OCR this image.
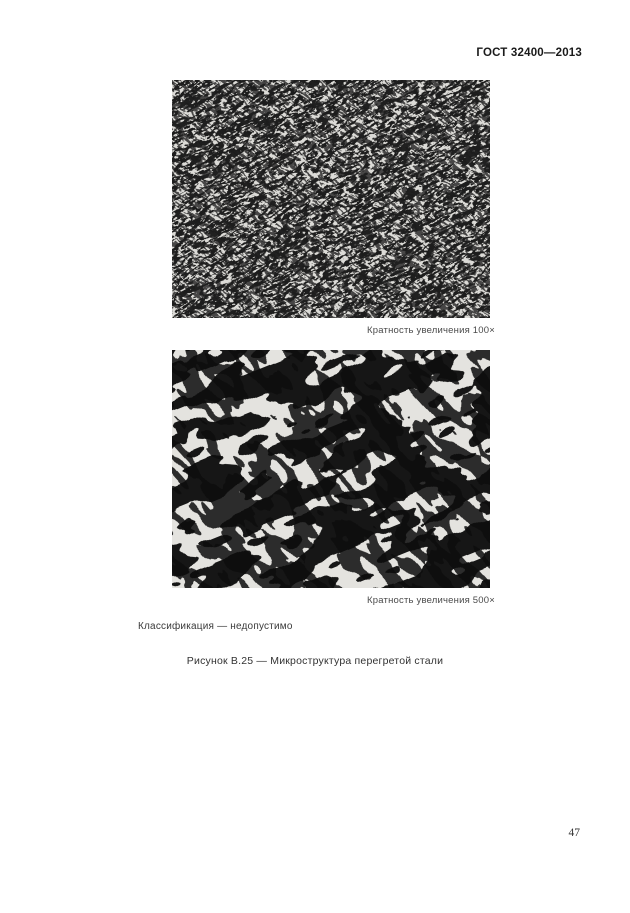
ГОСТ 32400—2013
Кратность увеличения 100×
Кратность увеличения 500×
Классификация — недопустимо
Рисунок В.25 — Микроструктура перегретой стали
47
